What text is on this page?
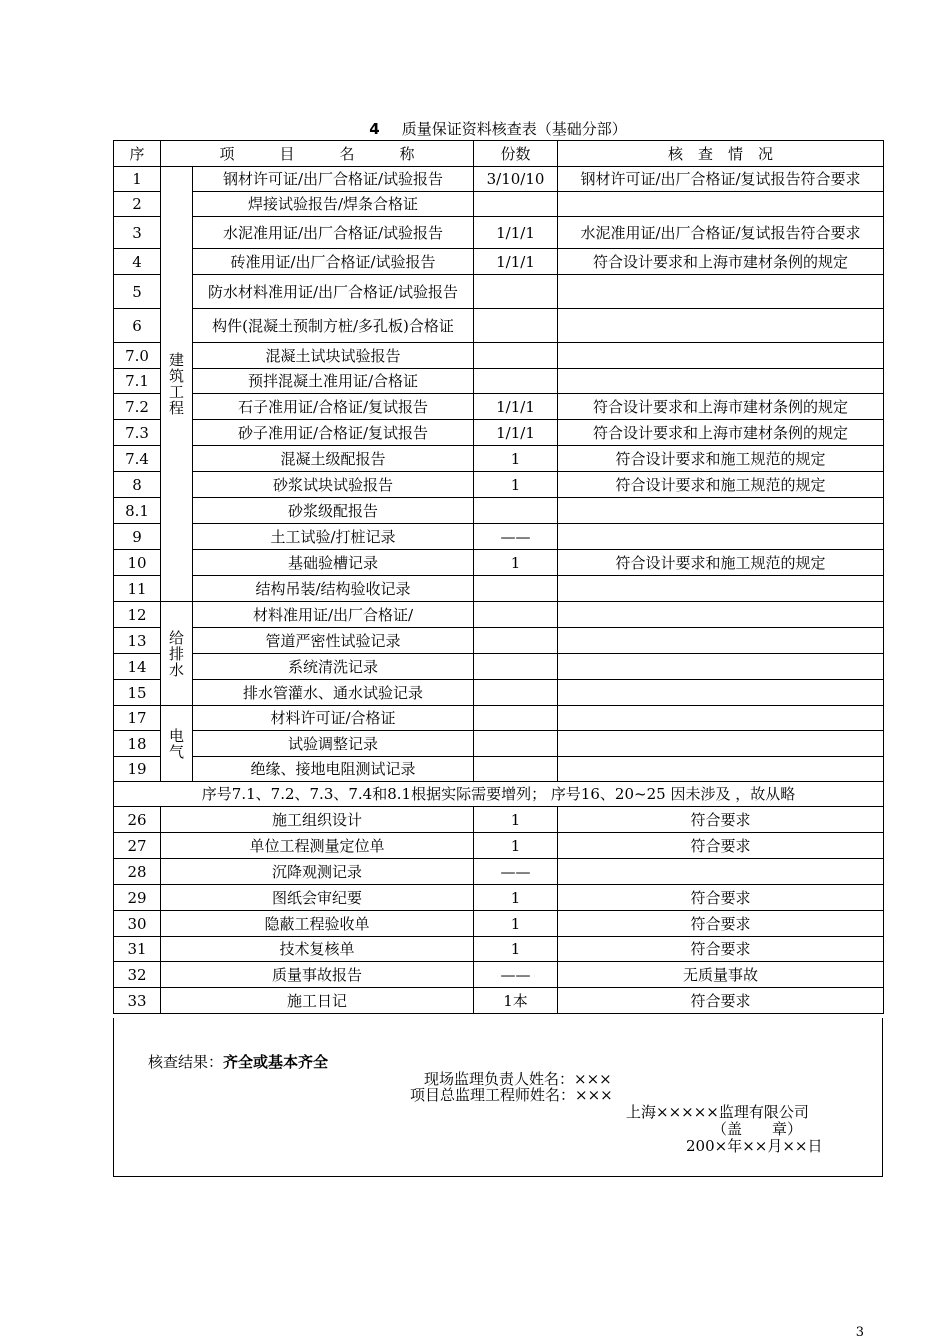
4 质量保证资料核查表（基础分部）
序	项　　　目　　　名　　　称		份数	核　查　情　况
1	建筑工程	钢材许可证/出厂合格证/试验报告	3/10/10	钢材许可证/出厂合格证/复试报告符合要求
2		焊接试验报告/焊条合格证		
3		水泥准用证/出厂合格证/试验报告	1/1/1	水泥准用证/出厂合格证/复试报告符合要求
4		砖准用证/出厂合格证/试验报告	1/1/1	符合设计要求和上海市建材条例的规定
5		防水材料准用证/出厂合格证/试验报告		
6		构件(混凝土预制方桩/多孔板)合格证		
7.0		混凝土试块试验报告		
7.1		预拌混凝土准用证/合格证		
7.2		石子准用证/合格证/复试报告	1/1/1	符合设计要求和上海市建材条例的规定
7.3		砂子准用证/合格证/复试报告	1/1/1	符合设计要求和上海市建材条例的规定
7.4		混凝土级配报告	1	符合设计要求和施工规范的规定
8		砂浆试块试验报告	1	符合设计要求和施工规范的规定
8.1		砂浆级配报告		
9		土工试验/打桩记录	——	
10		基础验槽记录	1	符合设计要求和施工规范的规定
11		结构吊装/结构验收记录		
12	给排水	材料准用证/出厂合格证/		
13		管道严密性试验记录		
14		系统清洗记录		
15		排水管灌水、通水试验记录		
17	电气	材料许可证/合格证		
18		试验调整记录		
19		绝缘、接地电阻测试记录		
序号7.1、7.2、7.3、7.4和8.1根据实际需要增列； 序号16、20~25 因未涉及 ，故从略				
26	施工组织设计		1	符合要求
27	单位工程测量定位单		1	符合要求
28	沉降观测记录		——	
29	图纸会审纪要		1	符合要求
30	隐蔽工程验收单		1	符合要求
31	技术复核单		1	符合要求
32	质量事故报告		——	无质量事故
33	施工日记		1本	符合要求
核查结果：齐全或基本齐全
现场监理负责人姓名：×××
项目总监理工程师姓名：×××
上海×××××监理有限公司
（盖　　章）
200×年××月××日
3
